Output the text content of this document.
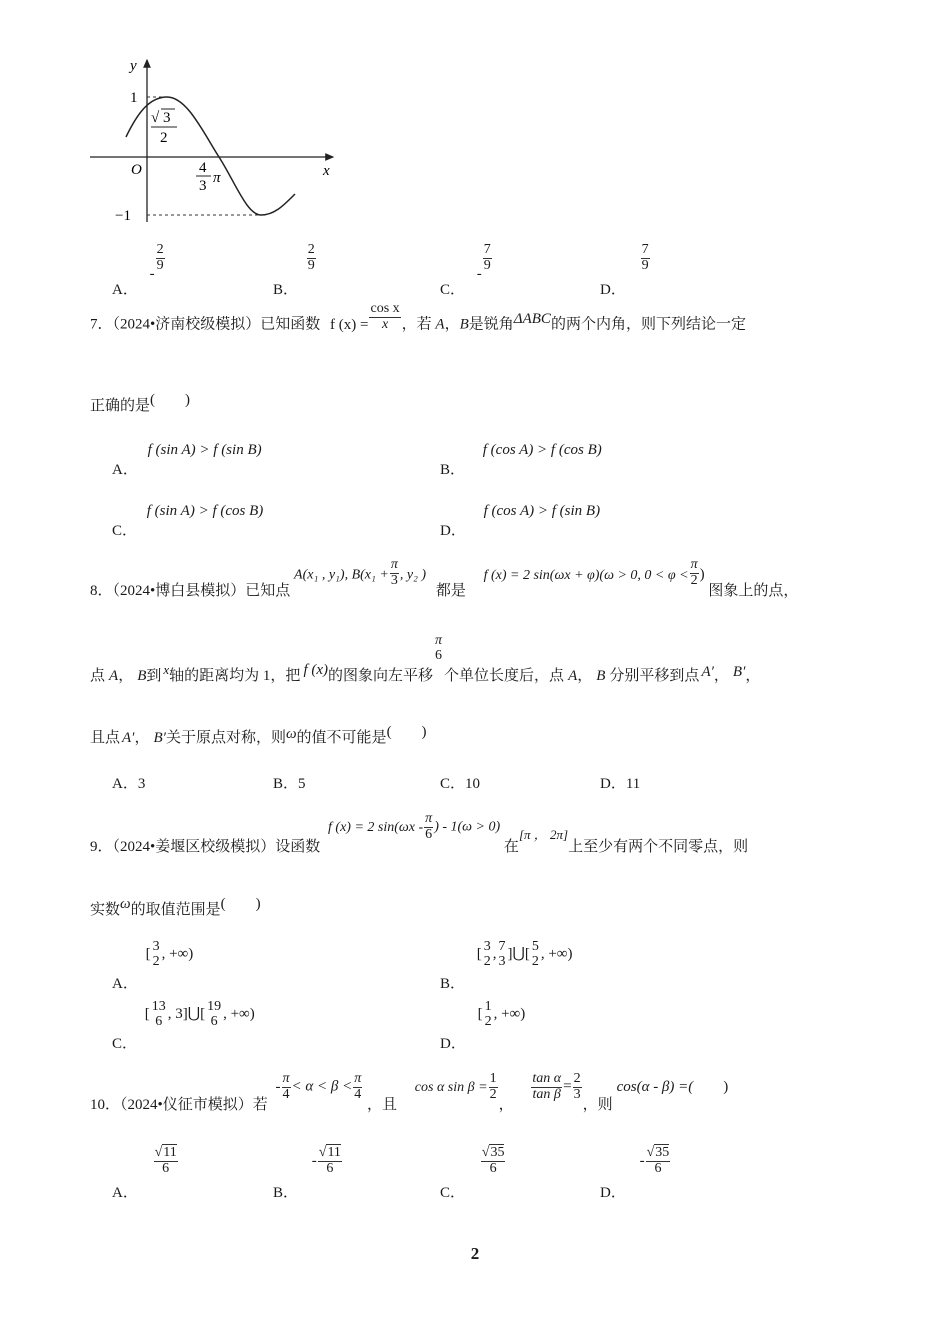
y
x
O
1
−1
√ 3
2
4
3 π
A． -
$\frac{2}{9}$
B．
$\frac{2}{9}$
C． -
$\frac{7}{9}$
D．
$\frac{7}{9}$
7．（2024•济南校级模拟）已知函数 f $(x) = \frac{\text{cos x}}{x}$ ，若 A，B是锐角ΔABC的两个内角，则下列结论一定
正确的是(　　)
A． f (sin A) > f (sin B)
B． f (cos A) > f (cos B)
C． f (sin A) > f (cos B)
D． f (cos A) > f (sin B)
8．（2024•博白县模拟）已知点 A(x₁ , y₁), $B(x_1 + \frac{\pi}{3}$ , y₂ ) 都是 f (x) = 2 sin(ωx + φ)(ω > 0, $0 < \varphi < \frac{\pi}{2}$ ) 图象上的点，
点 A， B到 x轴的距离均为 1，把 f (x)的图象向左平移
π
6
个单位长度后，点 A， B 分别平移到点 A′， B′，
且点 A′， B′关于原点对称，则ω的值不可能是(　　)
A．3	B．5	C．10	D．11
9．（2024•姜堰区校级模拟）设函数 f (x) = 2 $\sin(\omega x - \frac{\pi}{6}$ ) - 1(ω > 0) 在[π ， 2π]上至少有两个不同零点，则
实数ω的取值范围是(　　)
A． [ 3
2 , +∞)
B． [ 3
2 , 7
3 ]⋃[ 5
2 , +∞)
C． [ 13
6 , 3]⋃[ 19
6 , +∞)
D． [ 1
2 , +∞)
10．（2024•仪征市模拟）若 - $\frac{\pi}{4} < \alpha < \beta < \frac{\pi}{4}$
，且 cos α $\sin \beta = \frac{1}{2}$
，
$\frac{\text{tan α}}{\text{tan β}} = \frac{2}{3}$
，则cos(α - β) =( )
A．
$\frac{√11}{6}$
B． - $\frac{√11}{6}$
C．
$\frac{√35}{6}$
D． - $\frac{√35}{6}$
2
